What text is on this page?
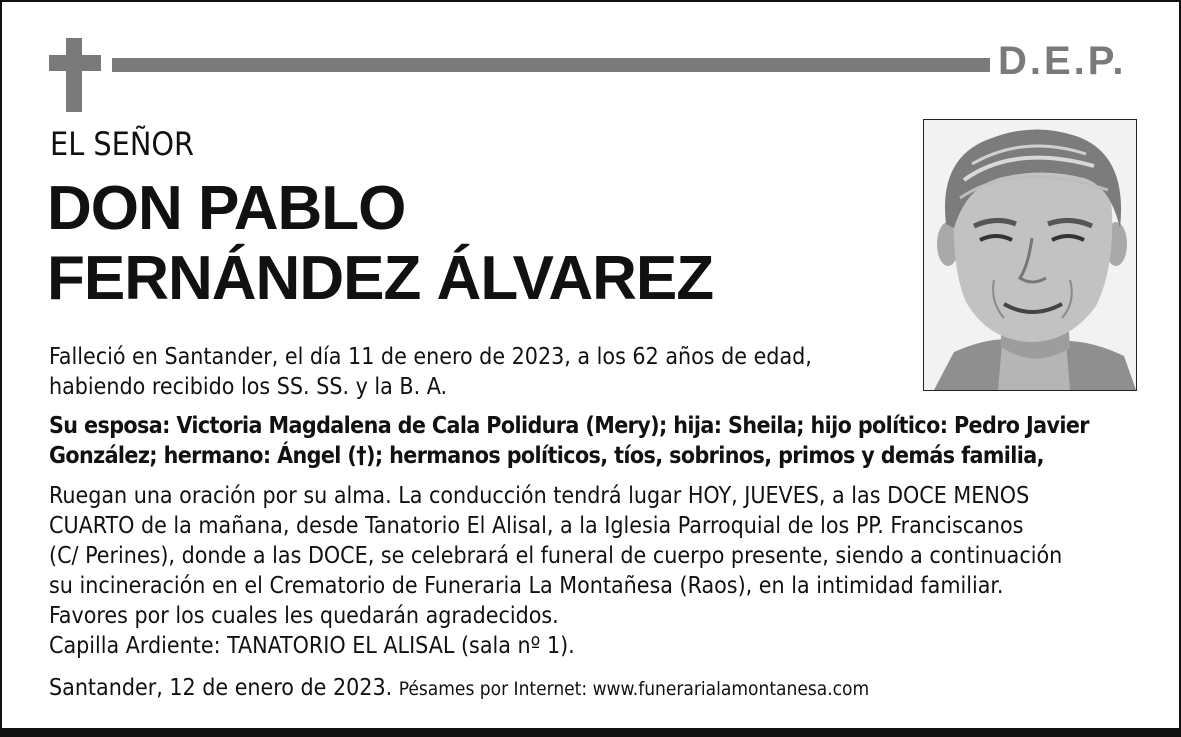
D.E.P.
EL SEÑOR
DON PABLO
FERNÁNDEZ ÁLVAREZ
Falleció en Santander, el día 11 de enero de 2023, a los 62 años de edad,
habiendo recibido los SS. SS. y la B. A.
Su esposa: Victoria Magdalena de Cala Polidura (Mery); hija: Sheila; hijo político: Pedro Javier
González; hermano: Ángel (†); hermanos políticos, tíos, sobrinos, primos y demás familia,
Ruegan una oración por su alma. La conducción tendrá lugar HOY, JUEVES, a las DOCE MENOS
CUARTO de la mañana, desde Tanatorio El Alisal, a la Iglesia Parroquial de los PP. Franciscanos
(C/ Perines), donde a las DOCE, se celebrará el funeral de cuerpo presente, siendo a continuación
su incineración en el Crematorio de Funeraria La Montañesa (Raos), en la intimidad familiar.
Favores por los cuales les quedarán agradecidos.
Capilla Ardiente: TANATORIO EL ALISAL (sala nº 1).
Santander, 12 de enero de 2023. Pésames por Internet: www.funerarialamontanesa.com
